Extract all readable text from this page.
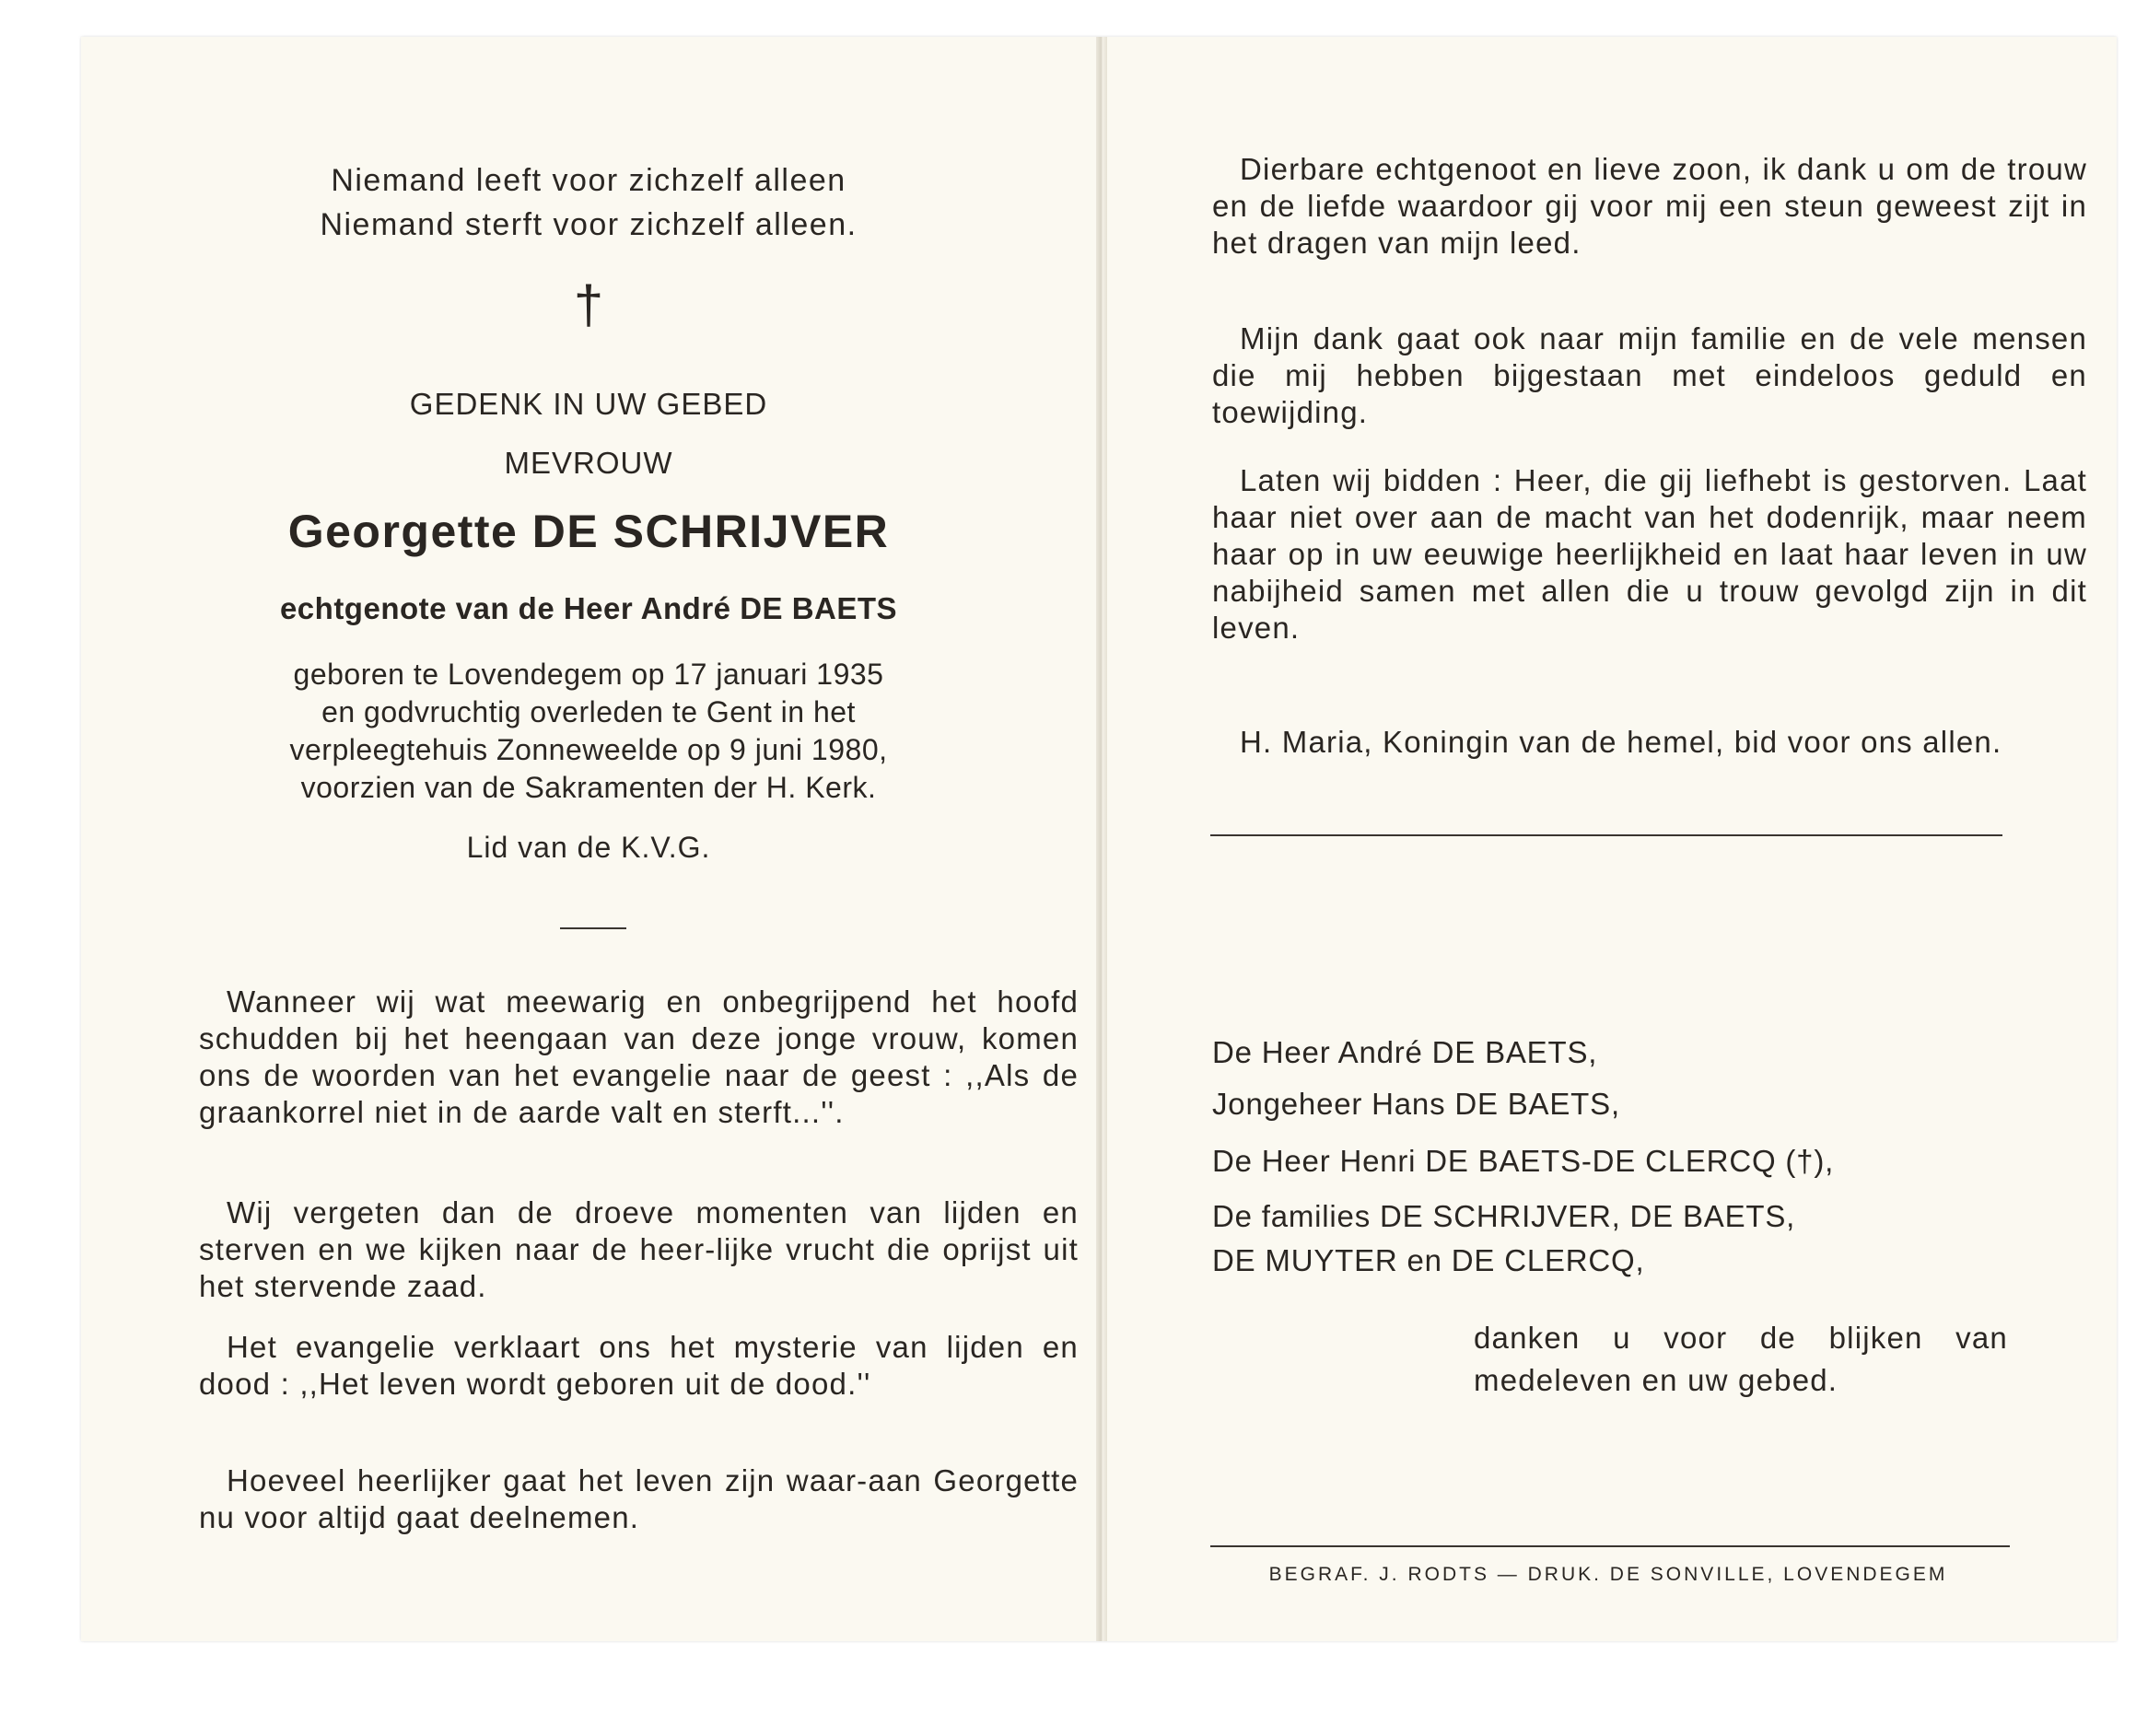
Niemand leeft voor zichzelf alleen
Niemand sterft voor zichzelf alleen.
†
GEDENK IN UW GEBED
MEVROUW
Georgette DE SCHRIJVER
echtgenote van de Heer André DE BAETS
geboren te Lovendegem op 17 januari 1935
en godvruchtig overleden te Gent in het
verpleegtehuis Zonneweelde op 9 juni 1980,
voorzien van de Sakramenten der H. Kerk.
Lid van de K.V.G.

Wanneer wij wat meewarig en onbegrijpend het hoofd schudden bij het heengaan van deze jonge vrouw, komen ons de woorden van het evangelie naar de geest : ,,Als de graankorrel niet in de aarde valt en sterft...''.

Wij vergeten dan de droeve momenten van lijden en sterven en we kijken naar de heer-lijke vrucht die oprijst uit het stervende zaad.

Het evangelie verklaart ons het mysterie van lijden en dood : ,,Het leven wordt geboren uit de dood.''

Hoeveel heerlijker gaat het leven zijn waar-aan Georgette nu voor altijd gaat deelnemen.

Dierbare echtgenoot en lieve zoon, ik dank u om de trouw en de liefde waardoor gij voor mij een steun geweest zijt in het dragen van mijn leed.

Mijn dank gaat ook naar mijn familie en de vele mensen die mij hebben bijgestaan met eindeloos geduld en toewijding.

Laten wij bidden : Heer, die gij liefhebt is gestorven. Laat haar niet over aan de macht van het dodenrijk, maar neem haar op in uw eeuwige heerlijkheid en laat haar leven in uw nabijheid samen met allen die u trouw gevolgd zijn in dit leven.

H. Maria, Koningin van de hemel, bid voor ons allen.

De Heer André DE BAETS,
Jongeheer Hans DE BAETS,
De Heer Henri DE BAETS-DE CLERCQ (†),
De families DE SCHRIJVER, DE BAETS,
DE MUYTER en DE CLERCQ,

danken u voor de blijken van medeleven en uw gebed.

BEGRAF. J. RODTS — DRUK. DE SONVILLE, LOVENDEGEM
